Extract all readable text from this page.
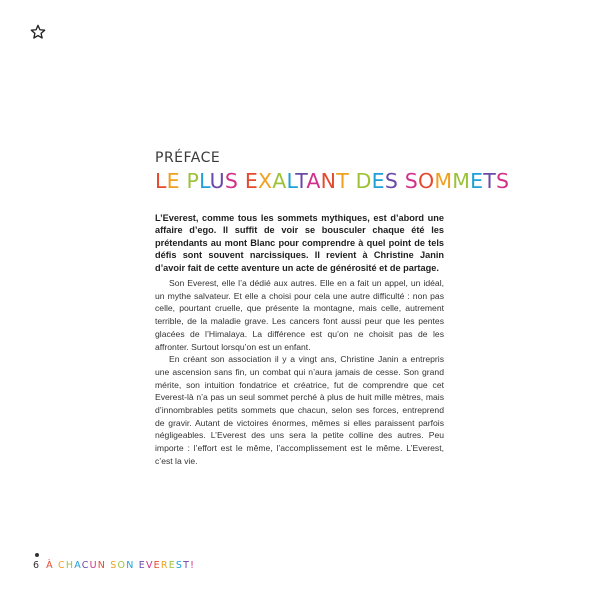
PRÉFACE
LE PLUS EXALTANT DES SOMMETS

L’Everest, comme tous les sommets mythiques, est d’abord une affaire d’ego. Il suffit de voir se bousculer chaque été les prétendants au mont Blanc pour comprendre à quel point de tels défis sont souvent narcissiques. Il revient à Christine Janin d’avoir fait de cette aventure un acte de générosité et de partage.

Son Everest, elle l’a dédié aux autres. Elle en a fait un appel, un idéal, un mythe salvateur. Et elle a choisi pour cela une autre difficulté : non pas celle, pourtant cruelle, que présente la montagne, mais celle, autrement terrible, de la maladie grave. Les cancers font aussi peur que les pentes glacées de l’Himalaya. La différence est qu’on ne choisit pas de les affronter. Surtout lorsqu’on est un enfant.

En créant son association il y a vingt ans, Christine Janin a entrepris une ascension sans fin, un combat qui n’aura jamais de cesse. Son grand mérite, son intuition fondatrice et créatrice, fut de comprendre que cet Everest-là n’a pas un seul sommet perché à plus de huit mille mètres, mais d’innombrables petits sommets que chacun, selon ses forces, entreprend de gravir. Autant de victoires énormes, mêmes si elles paraissent parfois négligeables. L’Everest des uns sera la petite colline des autres. Peu importe : l’effort est le même, l’accomplissement est le même. L’Everest, c’est la vie.

6 À CHACUN SON EVEREST!
